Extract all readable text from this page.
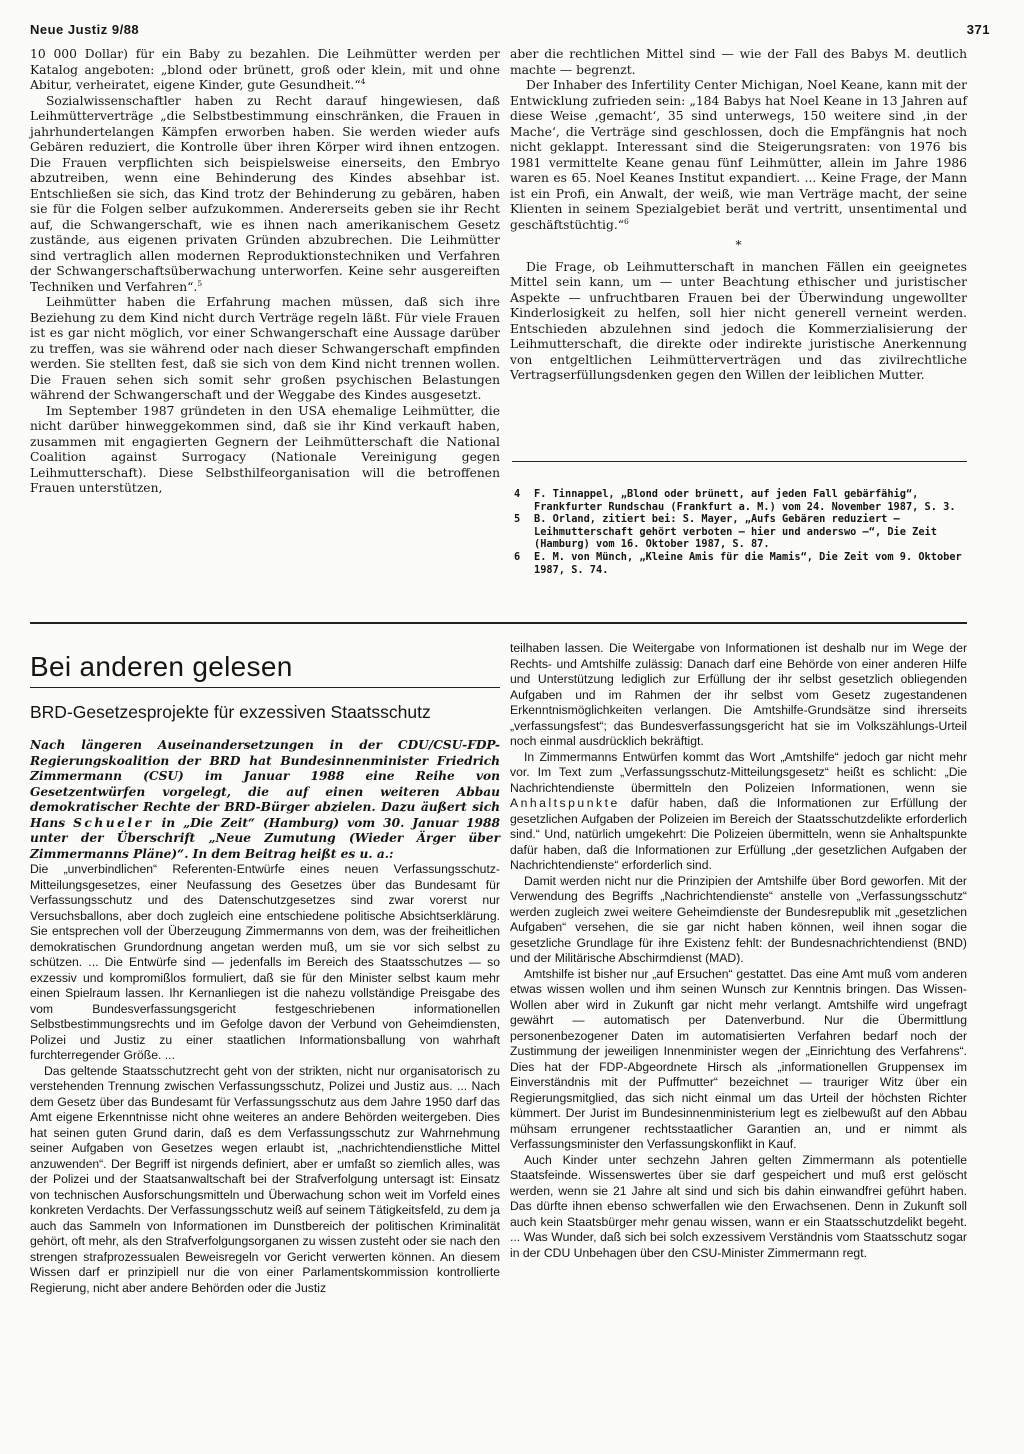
Neue Justiz 9/88	371

10 000 Dollar) für ein Baby zu bezahlen. Die Leihmütter werden per Katalog angeboten: „blond oder brünett, groß oder klein, mit und ohne Abitur, verheiratet, eigene Kinder, gute Gesundheit.“$^4$

Sozialwissenschaftler haben zu Recht darauf hingewiesen, daß Leihmütterverträge „die Selbstbestimmung einschränken, die Frauen in jahrhundertelangen Kämpfen erworben haben. Sie werden wieder aufs Gebären reduziert, die Kontrolle über ihren Körper wird ihnen entzogen. Die Frauen verpflichten sich beispielsweise einerseits, den Embryo abzutreiben, wenn eine Behinderung des Kindes absehbar ist. Entschließen sie sich, das Kind trotz der Behinderung zu gebären, haben sie für die Folgen selber aufzukommen. Andererseits geben sie ihr Recht auf, die Schwangerschaft, wie es ihnen nach amerikanischem Gesetz zustände, aus eigenen privaten Gründen abzubrechen. Die Leihmütter sind vertraglich allen modernen Reproduktionstechniken und Verfahren der Schwangerschaftsüberwachung unterworfen. Keine sehr ausgereiften Techniken und Verfahren“.$^5$

Leihmütter haben die Erfahrung machen müssen, daß sich ihre Beziehung zu dem Kind nicht durch Verträge regeln läßt. Für viele Frauen ist es gar nicht möglich, vor einer Schwangerschaft eine Aussage darüber zu treffen, was sie während oder nach dieser Schwangerschaft empfinden werden. Sie stellten fest, daß sie sich von dem Kind nicht trennen wollen. Die Frauen sehen sich somit sehr großen psychischen Belastungen während der Schwangerschaft und der Weggabe des Kindes ausgesetzt.

Im September 1987 gründeten in den USA ehemalige Leihmütter, die nicht darüber hinweggekommen sind, daß sie ihr Kind verkauft haben, zusammen mit engagierten Gegnern der Leihmütterschaft die National Coalition against Surrogacy (Nationale Vereinigung gegen Leihmutterschaft). Diese Selbsthilfeorganisation will die betroffenen Frauen unterstützen,

aber die rechtlichen Mittel sind — wie der Fall des Babys M. deutlich machte — begrenzt.

Der Inhaber des Infertility Center Michigan, Noel Keane, kann mit der Entwicklung zufrieden sein: „184 Babys hat Noel Keane in 13 Jahren auf diese Weise ‚gemacht‘, 35 sind unterwegs, 150 weitere sind ‚in der Mache‘, die Verträge sind geschlossen, doch die Empfängnis hat noch nicht geklappt. Interessant sind die Steigerungsraten: von 1976 bis 1981 vermittelte Keane genau fünf Leihmütter, allein im Jahre 1986 waren es 65. Noel Keanes Institut expandiert. ... Keine Frage, der Mann ist ein Profi, ein Anwalt, der weiß, wie man Verträge macht, der seine Klienten in seinem Spezialgebiet berät und vertritt, unsentimental und geschäftstüchtig.“$^6$

*

Die Frage, ob Leihmutterschaft in manchen Fällen ein geeignetes Mittel sein kann, um — unter Beachtung ethischer und juristischer Aspekte — unfruchtbaren Frauen bei der Überwindung ungewollter Kinderlosigkeit zu helfen, soll hier nicht generell verneint werden. Entschieden abzulehnen sind jedoch die Kommerzialisierung der Leihmutterschaft, die direkte oder indirekte juristische Anerkennung von entgeltlichen Leihmütterverträgen und das zivilrechtliche Vertragserfüllungsdenken gegen den Willen der leiblichen Mutter.

4	F. Tinnappel, „Blond oder brünett, auf jeden Fall gebärfähig“, Frankfurter Rundschau (Frankfurt a. M.) vom 24. November 1987, S. 3.
5	B. Orland, zitiert bei: S. Mayer, „Aufs Gebären reduziert — Leihmutterschaft gehört verboten — hier und anderswo —“, Die Zeit (Hamburg) vom 16. Oktober 1987, S. 87.
6	E. M. von Münch, „Kleine Amis für die Mamis“, Die Zeit vom 9. Oktober 1987, S. 74.
Bei anderen gelesen
BRD-Gesetzesprojekte für exzessiven Staatsschutz
Nach längeren Auseinandersetzungen in der CDU/CSU-FDP-Regierungskoalition der BRD hat Bundesinnenminister Friedrich Zimmermann (CSU) im Januar 1988 eine Reihe von Gesetzentwürfen vorgelegt, die auf einen weiteren Abbau demokratischer Rechte der BRD-Bürger abzielen. Dazu äußert sich Hans Schueler in „Die Zeit“ (Hamburg) vom 30. Januar 1988 unter der Überschrift „Neue Zumutung (Wieder Ärger über Zimmermanns Pläne)“. In dem Beitrag heißt es u. a.:

Die „unverbindlichen“ Referenten-Entwürfe eines neuen Verfassungsschutz-Mitteilungsgesetzes, einer Neufassung des Gesetzes über das Bundesamt für Verfassungsschutz und des Datenschutzgesetzes sind zwar vorerst nur Versuchsballons, aber doch zugleich eine entschiedene politische Absichtserklärung. Sie entsprechen voll der Überzeugung Zimmermanns von dem, was der freiheitlichen demokratischen Grundordnung angetan werden muß, um sie vor sich selbst zu schützen. ... Die Entwürfe sind — jedenfalls im Bereich des Staatsschutzes — so exzessiv und kompromißlos formuliert, daß sie für den Minister selbst kaum mehr einen Spielraum lassen. Ihr Kernanliegen ist die nahezu vollständige Preisgabe des vom Bundesverfassungsgericht festgeschriebenen informationellen Selbstbestimmungsrechts und im Gefolge davon der Verbund von Geheimdiensten, Polizei und Justiz zu einer staatlichen Informationsballung von wahrhaft furchterregender Größe. ...

Das geltende Staatsschutzrecht geht von der strikten, nicht nur organisatorisch zu verstehenden Trennung zwischen Verfassungsschutz, Polizei und Justiz aus. ... Nach dem Gesetz über das Bundesamt für Verfassungsschutz aus dem Jahre 1950 darf das Amt eigene Erkenntnisse nicht ohne weiteres an andere Behörden weitergeben. Dies hat seinen guten Grund darin, daß es dem Verfassungsschutz zur Wahrnehmung seiner Aufgaben von Gesetzes wegen erlaubt ist, „nachrichtendienstliche Mittel anzuwenden“. Der Begriff ist nirgends definiert, aber er umfaßt so ziemlich alles, was der Polizei und der Staatsanwaltschaft bei der Strafverfolgung untersagt ist: Einsatz von technischen Ausforschungsmitteln und Überwachung schon weit im Vorfeld eines konkreten Verdachts. Der Verfassungsschutz weiß auf seinem Tätigkeitsfeld, zu dem ja auch das Sammeln von Informationen im Dunstbereich der politischen Kriminalität gehört, oft mehr, als den Strafverfolgungsorganen zu wissen zusteht oder sie nach den strengen strafprozessualen Beweisregeln vor Gericht verwerten können. An diesem Wissen darf er prinzipiell nur die von einer Parlamentskommission kontrollierte Regierung, nicht aber andere Behörden oder die Justiz

teilhaben lassen. Die Weitergabe von Informationen ist deshalb nur im Wege der Rechts- und Amtshilfe zulässig: Danach darf eine Behörde von einer anderen Hilfe und Unterstützung lediglich zur Erfüllung der ihr selbst gesetzlich obliegenden Aufgaben und im Rahmen der ihr selbst vom Gesetz zugestandenen Erkenntnismöglichkeiten verlangen. Die Amtshilfe-Grundsätze sind ihrerseits „verfassungsfest“; das Bundesverfassungsgericht hat sie im Volkszählungs-Urteil noch einmal ausdrücklich bekräftigt.

In Zimmermanns Entwürfen kommt das Wort „Amtshilfe“ jedoch gar nicht mehr vor. Im Text zum „Verfassungsschutz-Mitteilungsgesetz“ heißt es schlicht: „Die Nachrichtendienste übermitteln den Polizeien Informationen, wenn sie Anhaltspunkte dafür haben, daß die Informationen zur Erfüllung der gesetzlichen Aufgaben der Polizeien im Bereich der Staatsschutzdelikte erforderlich sind.“ Und, natürlich umgekehrt: Die Polizeien übermitteln, wenn sie Anhaltspunkte dafür haben, daß die Informationen zur Erfüllung „der gesetzlichen Aufgaben der Nachrichtendienste“ erforderlich sind.

Damit werden nicht nur die Prinzipien der Amtshilfe über Bord geworfen. Mit der Verwendung des Begriffs „Nachrichtendienste“ anstelle von „Verfassungsschutz“ werden zugleich zwei weitere Geheimdienste der Bundesrepublik mit „gesetzlichen Aufgaben“ versehen, die sie gar nicht haben können, weil ihnen sogar die gesetzliche Grundlage für ihre Existenz fehlt: der Bundesnachrichtendienst (BND) und der Militärische Abschirmdienst (MAD).

Amtshilfe ist bisher nur „auf Ersuchen“ gestattet. Das eine Amt muß vom anderen etwas wissen wollen und ihm seinen Wunsch zur Kenntnis bringen. Das Wissen-Wollen aber wird in Zukunft gar nicht mehr verlangt. Amtshilfe wird ungefragt gewährt — automatisch per Datenverbund. Nur die Übermittlung personenbezogener Daten im automatisierten Verfahren bedarf noch der Zustimmung der jeweiligen Innenminister wegen der „Einrichtung des Verfahrens“. Dies hat der FDP-Abgeordnete Hirsch als „informationellen Gruppensex im Einverständnis mit der Puffmutter“ bezeichnet — trauriger Witz über ein Regierungsmitglied, das sich nicht einmal um das Urteil der höchsten Richter kümmert. Der Jurist im Bundesinnenministerium legt es zielbewußt auf den Abbau mühsam errungener rechtsstaatlicher Garantien an, und er nimmt als Verfassungsminister den Verfassungskonflikt in Kauf.

Auch Kinder unter sechzehn Jahren gelten Zimmermann als potentielle Staatsfeinde. Wissenswertes über sie darf gespeichert und muß erst gelöscht werden, wenn sie 21 Jahre alt sind und sich bis dahin einwandfrei geführt haben. Das dürfte ihnen ebenso schwerfallen wie den Erwachsenen. Denn in Zukunft soll auch kein Staatsbürger mehr genau wissen, wann er ein Staatsschutzdelikt begeht. ... Was Wunder, daß sich bei solch exzessivem Verständnis vom Staatsschutz sogar in der CDU Unbehagen über den CSU-Minister Zimmermann regt.
